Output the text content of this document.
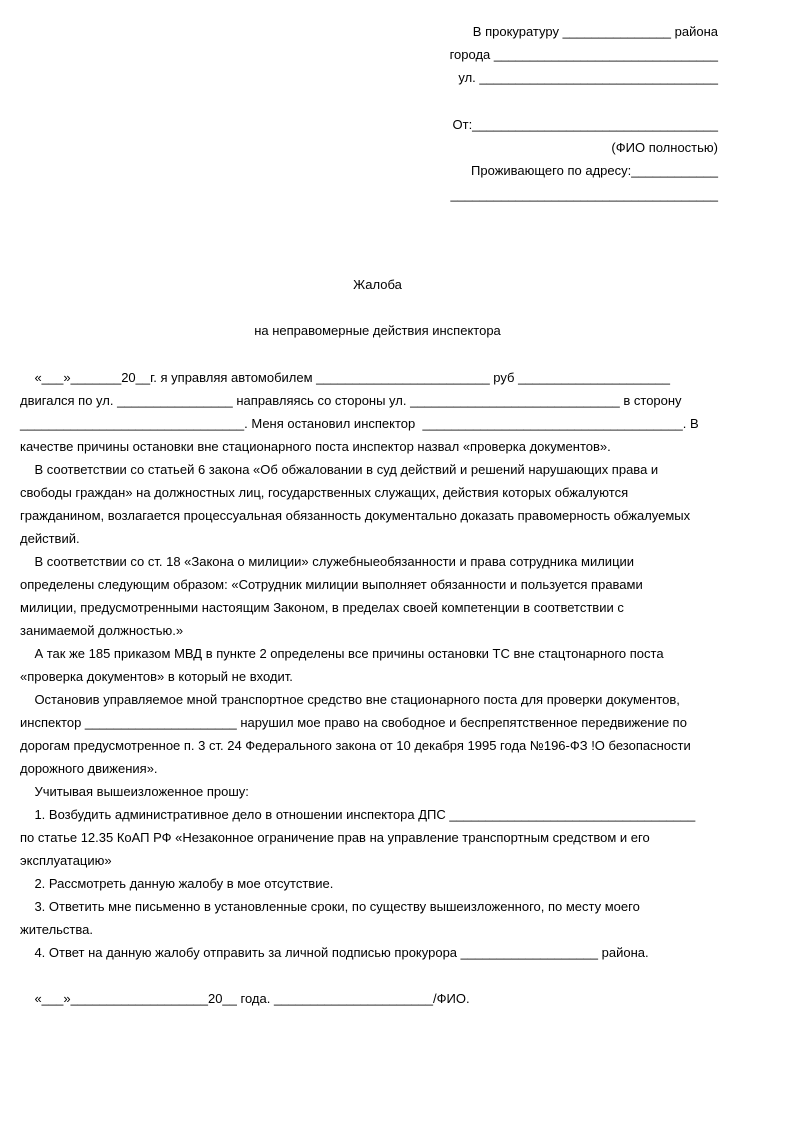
В прокуратуру _______________ района
города _______________________________
ул. _________________________________
От:__________________________________
(ФИО полностью)
Проживающего по адресу:____________
_____________________________________
Жалоба
на неправомерные действия инспектора
«___»_______20__г. я управляя автомобилем ________________________ руб _____________________
двигался по ул. ________________ направляясь со стороны ул. _____________________________ в сторону
_______________________________. Меня остановил инспектор  ____________________________________. В
качестве причины остановки вне стационарного поста инспектор назвал «проверка документов».
В соответствии со статьей 6 закона «Об обжаловании в суд действий и решений нарушающих права и
свободы граждан» на должностных лиц, государственных служащих, действия которых обжалуются
гражданином, возлагается процессуальная обязанность документально доказать правомерность обжалуемых
действий.
В соответствии со ст. 18 «Закона о милиции» служебныеобязанности и права сотрудника милиции
определены следующим образом: «Сотрудник милиции выполняет обязанности и пользуется правами
милиции, предусмотренными настоящим Законом, в пределах своей компетенции в соответствии с
занимаемой должностью.»
А так же 185 приказом МВД в пункте 2 определены все причины остановки ТС вне стацтонарного поста
«проверка документов» в который не входит.
Остановив управляемое мной транспортное средство вне стационарного поста для проверки документов,
инспектор _____________________ нарушил мое право на свободное и беспрепятственное передвижение по
дорогам предусмотренное п. 3 ст. 24 Федерального закона от 10 декабря 1995 года №196-ФЗ !О безопасности
дорожного движения».
Учитывая вышеизложенное прошу:
1. Возбудить административное дело в отношении инспектора ДПС __________________________________
по статье 12.35 КоАП РФ «Незаконное ограничение прав на управление транспортным средством и его
эксплуатацию»
2. Рассмотреть данную жалобу в мое отсутствие.
3. Ответить мне письменно в установленные сроки, по существу вышеизложенного, по месту моего
жительства.
4. Ответ на данную жалобу отправить за личной подписью прокурора ___________________ района.
«___»___________________20__ года. ______________________/ФИО.
